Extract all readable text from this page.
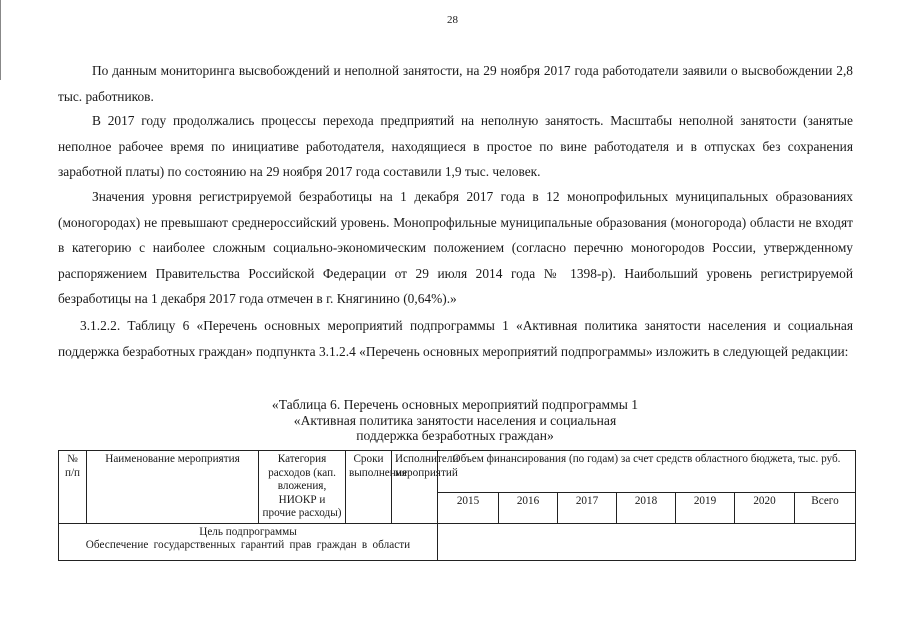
28

По данным мониторинга высвобождений и неполной занятости, на 29 ноября 2017 года работодатели заявили о высвобождении 2,8 тыс. работников.

В 2017 году продолжались процессы перехода предприятий на неполную занятость. Масштабы неполной занятости (занятые неполное рабочее время по инициативе работодателя, находящиеся в простое по вине работодателя и в отпусках без сохранения заработной платы) по состоянию на 29 ноября 2017 года составили 1,9 тыс. человек.

Значения уровня регистрируемой безработицы на 1 декабря 2017 года в 12 монопрофильных муниципальных образованиях (моногородах) не превышают среднероссийский уровень. Монопрофильные муниципальные образования (моногорода) области не входят в категорию с наиболее сложным социально-экономическим положением (согласно перечню моногородов России, утвержденному распоряжением Правительства Российской Федерации от 29 июля 2014 года № 1398-р). Наибольший уровень регистрируемой безработицы на 1 декабря 2017 года отмечен в г. Княгинино (0,64%).»

3.1.2.2. Таблицу 6 «Перечень основных мероприятий подпрограммы 1 «Активная политика занятости населения и социальная поддержка безработных граждан» подпункта 3.1.2.4 «Перечень основных мероприятий подпрограммы» изложить в следующей редакции:

«Таблица 6. Перечень основных мероприятий подпрограммы 1
«Активная политика занятости населения и социальная
поддержка безработных граждан»
№ п/п	Наименование мероприятия	Категория расходов (кап. вложения, НИОКР и прочие расходы)	Сроки выполнения	Исполнители мероприятий	Объем финансирования (по годам) за счет средств областного бюджета, тыс. руб.						
					2015	2016	2017	2018	2019	2020	Всего

Цель подпрограммы
Обеспечение государственных гарантий прав граждан в области											
